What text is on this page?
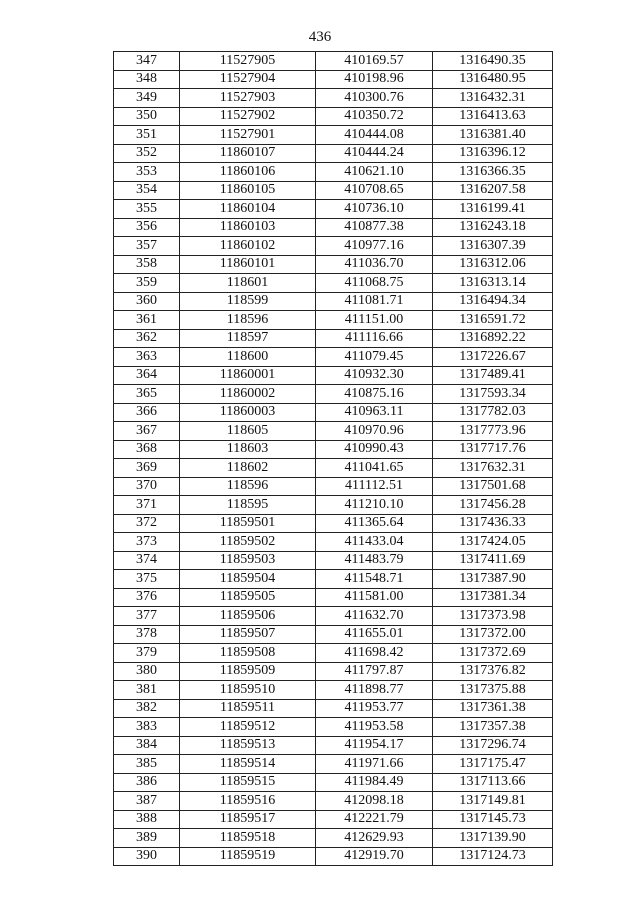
436
347	11527905	410169.57	1316490.35
348	11527904	410198.96	1316480.95
349	11527903	410300.76	1316432.31
350	11527902	410350.72	1316413.63
351	11527901	410444.08	1316381.40
352	11860107	410444.24	1316396.12
353	11860106	410621.10	1316366.35
354	11860105	410708.65	1316207.58
355	11860104	410736.10	1316199.41
356	11860103	410877.38	1316243.18
357	11860102	410977.16	1316307.39
358	11860101	411036.70	1316312.06
359	118601	411068.75	1316313.14
360	118599	411081.71	1316494.34
361	118596	411151.00	1316591.72
362	118597	411116.66	1316892.22
363	118600	411079.45	1317226.67
364	11860001	410932.30	1317489.41
365	11860002	410875.16	1317593.34
366	11860003	410963.11	1317782.03
367	118605	410970.96	1317773.96
368	118603	410990.43	1317717.76
369	118602	411041.65	1317632.31
370	118596	411112.51	1317501.68
371	118595	411210.10	1317456.28
372	11859501	411365.64	1317436.33
373	11859502	411433.04	1317424.05
374	11859503	411483.79	1317411.69
375	11859504	411548.71	1317387.90
376	11859505	411581.00	1317381.34
377	11859506	411632.70	1317373.98
378	11859507	411655.01	1317372.00
379	11859508	411698.42	1317372.69
380	11859509	411797.87	1317376.82
381	11859510	411898.77	1317375.88
382	11859511	411953.77	1317361.38
383	11859512	411953.58	1317357.38
384	11859513	411954.17	1317296.74
385	11859514	411971.66	1317175.47
386	11859515	411984.49	1317113.66
387	11859516	412098.18	1317149.81
388	11859517	412221.79	1317145.73
389	11859518	412629.93	1317139.90
390	11859519	412919.70	1317124.73
